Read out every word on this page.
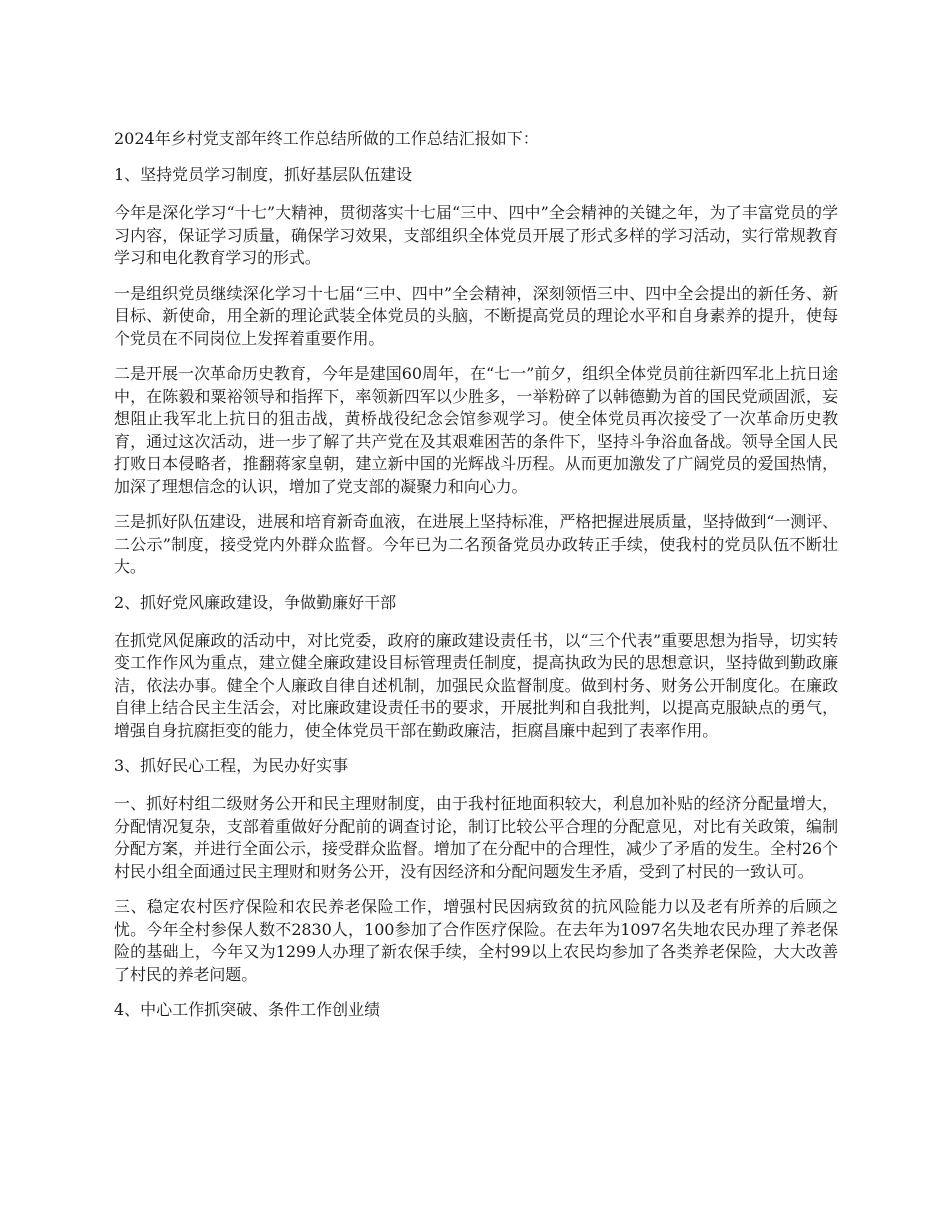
2024年乡村党支部年终工作总结所做的工作总结汇报如下：

1、坚持党员学习制度，抓好基层队伍建设

今年是深化学习“十七”大精神，贯彻落实十七届“三中、四中”全会精神的关键之年，为了丰富党员的学习内容，保证学习质量，确保学习效果，支部组织全体党员开展了形式多样的学习活动，实行常规教育学习和电化教育学习的形式。

一是组织党员继续深化学习十七届“三中、四中”全会精神，深刻领悟三中、四中全会提出的新任务、新目标、新使命，用全新的理论武装全体党员的头脑，不断提高党员的理论水平和自身素养的提升，使每个党员在不同岗位上发挥着重要作用。

二是开展一次革命历史教育，今年是建国60周年，在“七一”前夕，组织全体党员前往新四军北上抗日途中，在陈毅和粟裕领导和指挥下，率领新四军以少胜多，一举粉碎了以韩德勤为首的国民党顽固派，妄想阻止我军北上抗日的狙击战，黄桥战役纪念会馆参观学习。使全体党员再次接受了一次革命历史教育，通过这次活动，进一步了解了共产党在及其艰难困苦的条件下，坚持斗争浴血备战。领导全国人民打败日本侵略者，推翻蒋家皇朝，建立新中国的光辉战斗历程。从而更加激发了广阔党员的爱国热情，加深了理想信念的认识，增加了党支部的凝聚力和向心力。

三是抓好队伍建设，进展和培育新奇血液，在进展上坚持标准，严格把握进展质量，坚持做到“一测评、二公示”制度，接受党内外群众监督。今年已为二名预备党员办政转正手续，使我村的党员队伍不断壮大。

2、抓好党风廉政建设，争做勤廉好干部

在抓党风促廉政的活动中，对比党委，政府的廉政建设责任书，以“三个代表”重要思想为指导，切实转变工作作风为重点，建立健全廉政建设目标管理责任制度，提高执政为民的思想意识，坚持做到勤政廉洁，依法办事。健全个人廉政自律自述机制，加强民众监督制度。做到村务、财务公开制度化。在廉政自律上结合民主生活会，对比廉政建设责任书的要求，开展批判和自我批判，以提高克服缺点的勇气，增强自身抗腐拒变的能力，使全体党员干部在勤政廉洁，拒腐昌廉中起到了表率作用。

3、抓好民心工程，为民办好实事

一、抓好村组二级财务公开和民主理财制度，由于我村征地面积较大，利息加补贴的经济分配量增大，分配情况复杂，支部着重做好分配前的调查讨论，制订比较公平合理的分配意见，对比有关政策，编制分配方案，并进行全面公示，接受群众监督。增加了在分配中的合理性，减少了矛盾的发生。全村26个村民小组全面通过民主理财和财务公开，没有因经济和分配问题发生矛盾，受到了村民的一致认可。

三、稳定农村医疗保险和农民养老保险工作，增强村民因病致贫的抗风险能力以及老有所养的后顾之忧。今年全村参保人数不2830人，100参加了合作医疗保险。在去年为1097名失地农民办理了养老保险的基础上，今年又为1299人办理了新农保手续，全村99以上农民均参加了各类养老保险，大大改善了村民的养老问题。

4、中心工作抓突破、条件工作创业绩
